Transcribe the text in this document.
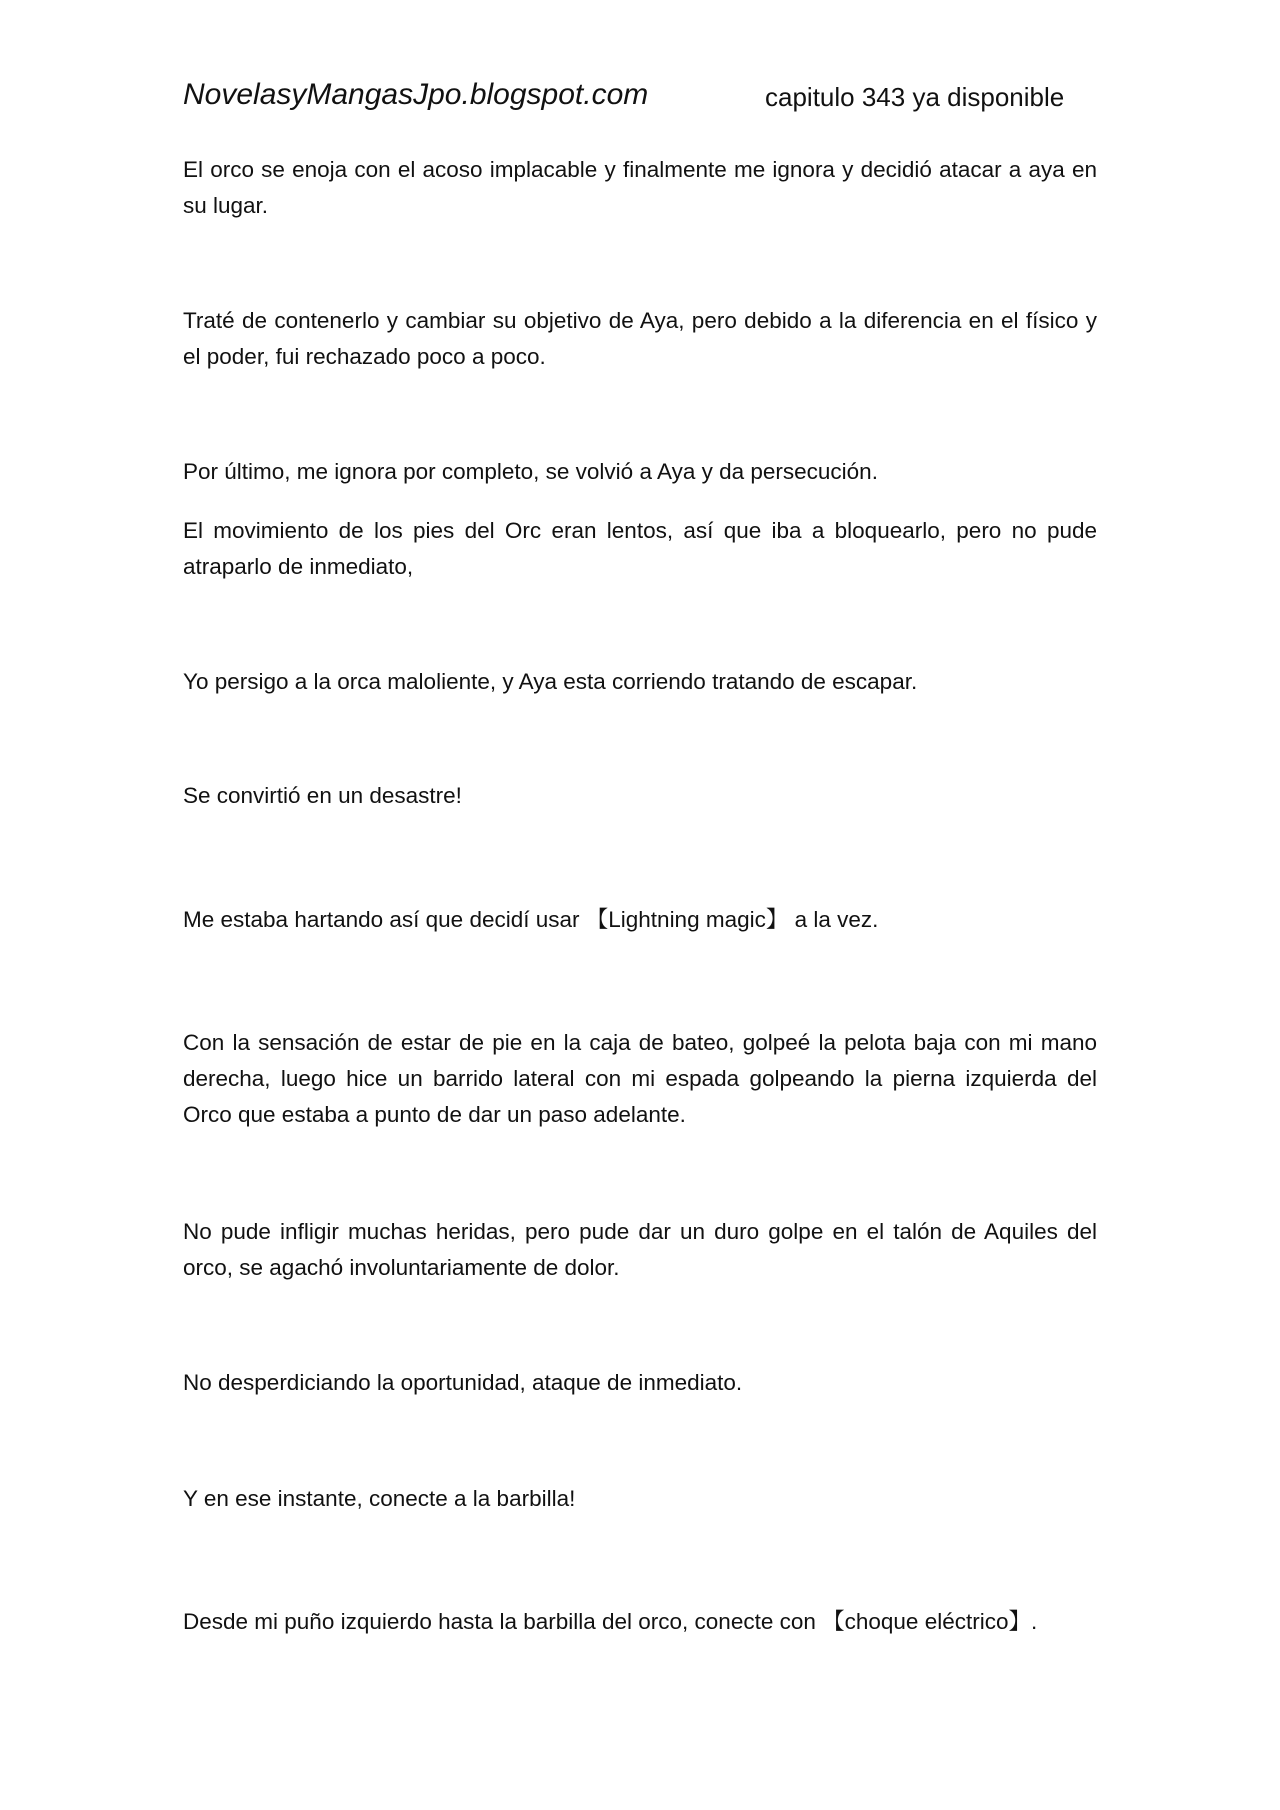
NovelasyMangasJpo.blogspot.com	capitulo 343 ya disponible

El orco se enoja con el acoso implacable y finalmente me ignora y decidió atacar a aya en su lugar.

Traté de contenerlo y cambiar su objetivo de Aya, pero debido a la diferencia en el físico y el poder, fui rechazado poco a poco.

Por último, me ignora por completo, se volvió a Aya y da persecución.

El movimiento de los pies del Orc eran lentos, así que iba a bloquearlo, pero no pude atraparlo de inmediato,

Yo persigo a la orca maloliente, y Aya esta corriendo tratando de escapar.

Se convirtió en un desastre!

Me estaba hartando así que decidí usar 【Lightning magic】 a la vez.

Con la sensación de estar de pie en la caja de bateo, golpeé la pelota baja con mi mano derecha, luego hice un barrido lateral con mi espada golpeando la pierna izquierda del Orco que estaba a punto de dar un paso adelante.

No pude infligir muchas heridas, pero pude dar un duro golpe en el talón de Aquiles del orco, se agachó involuntariamente de dolor.

No desperdiciando la oportunidad, ataque de inmediato.

Y en ese instante, conecte a la barbilla!

Desde mi puño izquierdo hasta la barbilla del orco, conecte con 【choque eléctrico】.
